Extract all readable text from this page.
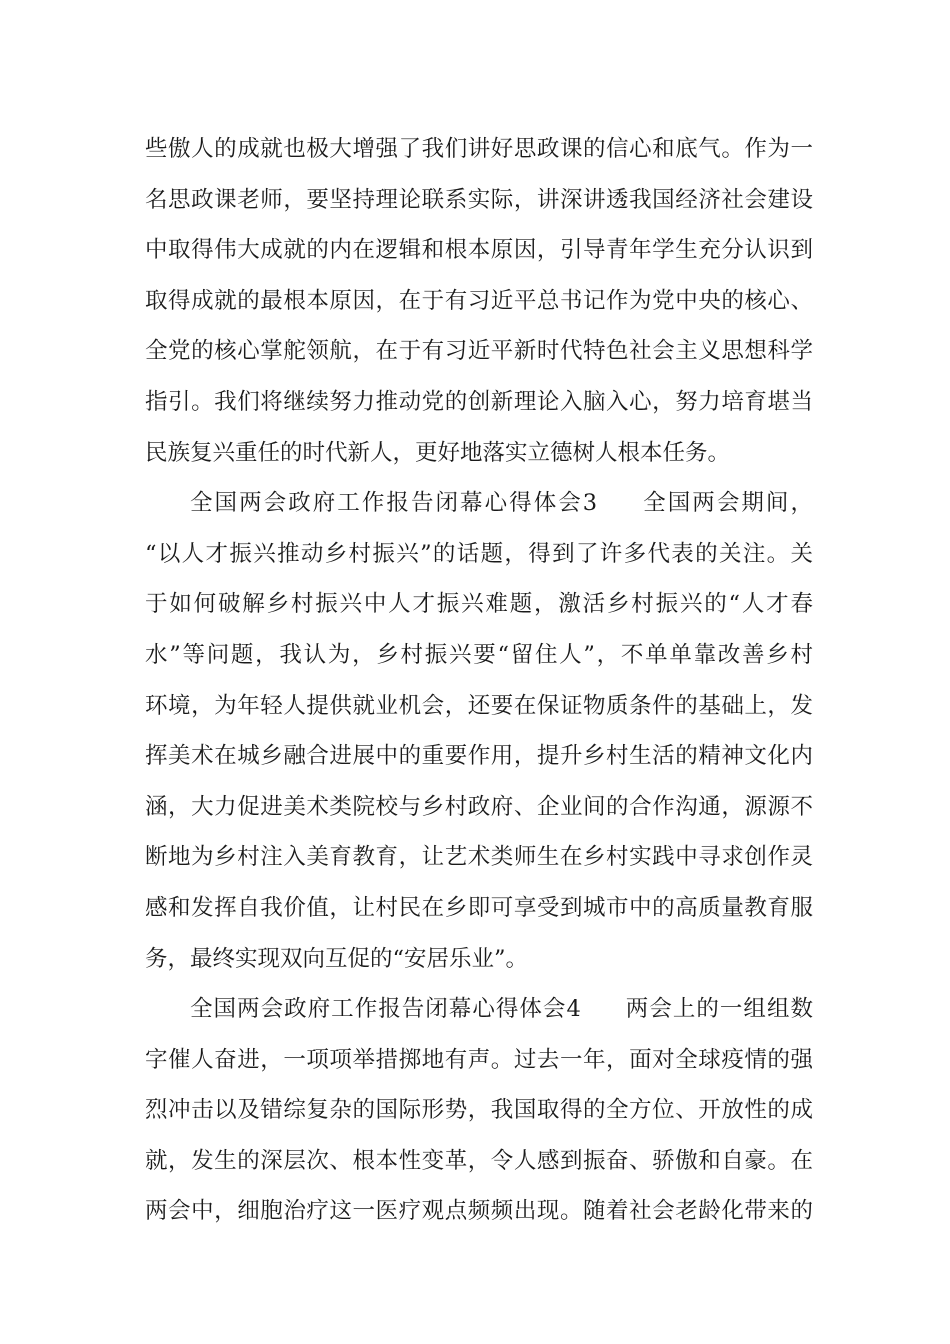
些傲人的成就也极大增强了我们讲好思政课的信心和底气。作为一
名思政课老师，要坚持理论联系实际，讲深讲透我国经济社会建设
中取得伟大成就的内在逻辑和根本原因，引导青年学生充分认识到
取得成就的最根本原因，在于有习近平总书记作为党中央的核心、
全党的核心掌舵领航，在于有习近平新时代特色社会主义思想科学
指引。我们将继续努力推动党的创新理论入脑入心，努力培育堪当
民族复兴重任的时代新人，更好地落实立德树人根本任务。
全国两会政府工作报告闭幕心得体会3 全国两会期间，
“以人才振兴推动乡村振兴”的话题，得到了许多代表的关注。关
于如何破解乡村振兴中人才振兴难题，激活乡村振兴的“人才春
水”等问题，我认为，乡村振兴要“留住人”，不单单靠改善乡村
环境，为年轻人提供就业机会，还要在保证物质条件的基础上，发
挥美术在城乡融合进展中的重要作用，提升乡村生活的精神文化内
涵，大力促进美术类院校与乡村政府、企业间的合作沟通，源源不
断地为乡村注入美育教育，让艺术类师生在乡村实践中寻求创作灵
感和发挥自我价值，让村民在乡即可享受到城市中的高质量教育服
务，最终实现双向互促的“安居乐业”。
全国两会政府工作报告闭幕心得体会4 两会上的一组组数
字催人奋进，一项项举措掷地有声。过去一年，面对全球疫情的强
烈冲击以及错综复杂的国际形势，我国取得的全方位、开放性的成
就，发生的深层次、根本性变革，令人感到振奋、骄傲和自豪。在
两会中，细胞治疗这一医疗观点频频出现。随着社会老龄化带来的
